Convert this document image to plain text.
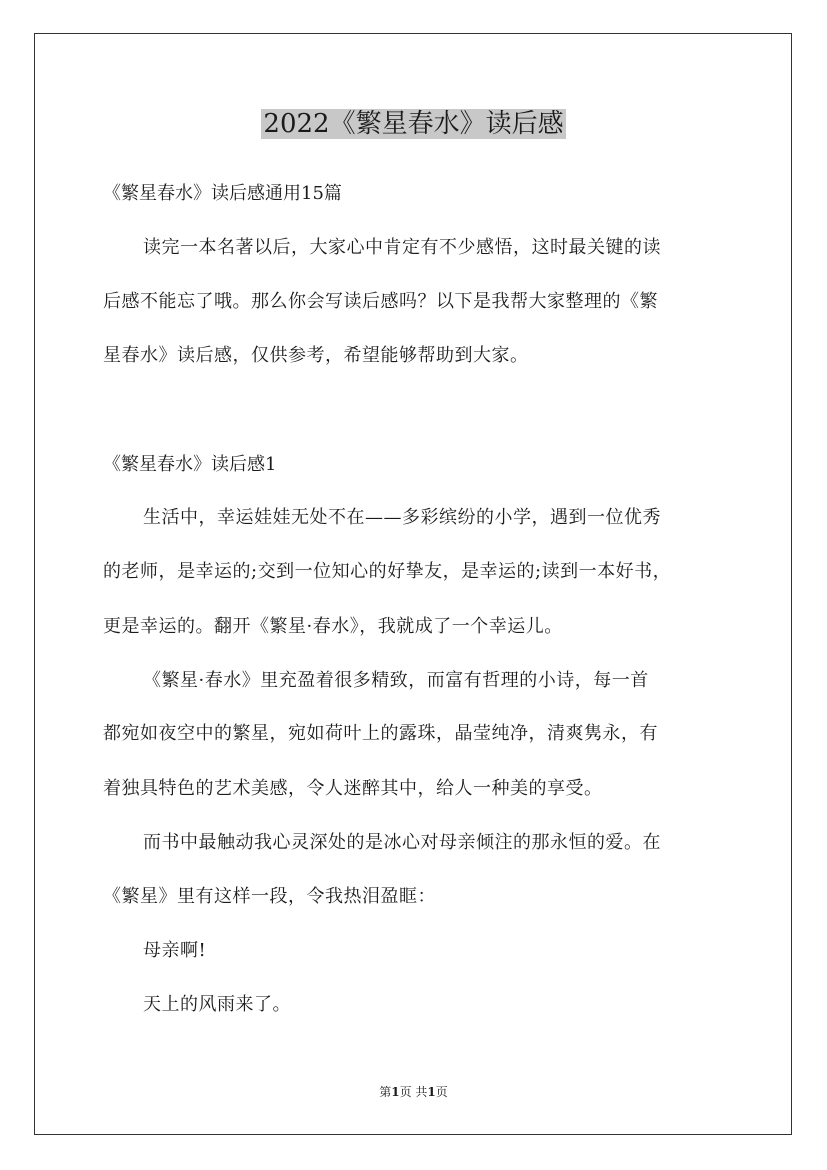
2022《繁星春水》读后感
《繁星春水》读后感通用15篇
读完一本名著以后，大家心中肯定有不少感悟，这时最关键的读
后感不能忘了哦。那么你会写读后感吗？以下是我帮大家整理的《繁
星春水》读后感，仅供参考，希望能够帮助到大家。
《繁星春水》读后感1
生活中，幸运娃娃无处不在——多彩缤纷的小学，遇到一位优秀
的老师，是幸运的;交到一位知心的好挚友，是幸运的;读到一本好书，
更是幸运的。翻开《繁星·春水》，我就成了一个幸运儿。
《繁星·春水》里充盈着很多精致，而富有哲理的小诗，每一首
都宛如夜空中的繁星，宛如荷叶上的露珠，晶莹纯净，清爽隽永，有
着独具特色的艺术美感，令人迷醉其中，给人一种美的享受。
而书中最触动我心灵深处的是冰心对母亲倾注的那永恒的爱。在
《繁星》里有这样一段，令我热泪盈眶：
母亲啊!
天上的风雨来了。
第1页 共1页
